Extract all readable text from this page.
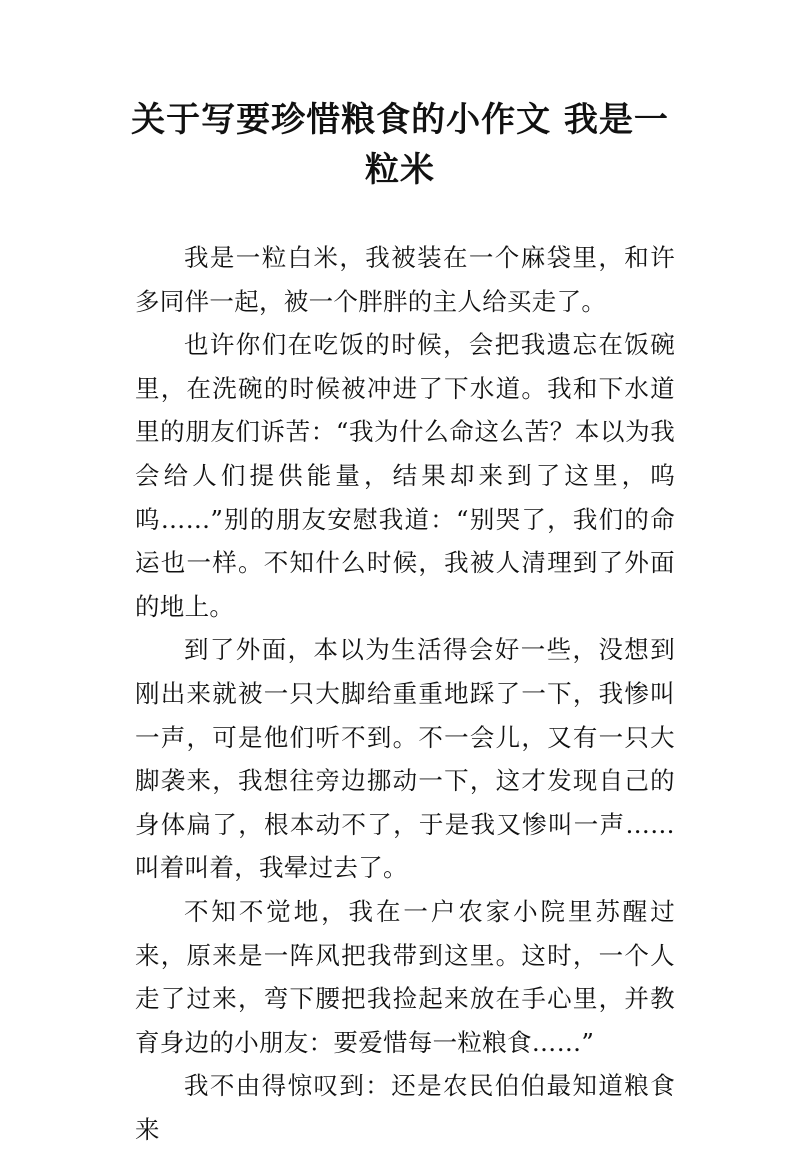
关于写要珍惜粮食的小作文 我是一粒米

我是一粒白米，我被装在一个麻袋里，和许多同伴一起，被一个胖胖的主人给买走了。

也许你们在吃饭的时候，会把我遗忘在饭碗里，在洗碗的时候被冲进了下水道。我和下水道里的朋友们诉苦：“我为什么命这么苦？本以为我会给人们提供能量，结果却来到了这里，呜呜……”别的朋友安慰我道：“别哭了，我们的命运也一样。不知什么时候，我被人清理到了外面的地上。

到了外面，本以为生活得会好一些，没想到刚出来就被一只大脚给重重地踩了一下，我惨叫一声，可是他们听不到。不一会儿，又有一只大脚袭来，我想往旁边挪动一下，这才发现自己的身体扁了，根本动不了，于是我又惨叫一声……叫着叫着，我晕过去了。

不知不觉地，我在一户农家小院里苏醒过来，原来是一阵风把我带到这里。这时，一个人走了过来，弯下腰把我捡起来放在手心里，并教育身边的小朋友：要爱惜每一粒粮食……”

我不由得惊叹到：还是农民伯伯最知道粮食来
